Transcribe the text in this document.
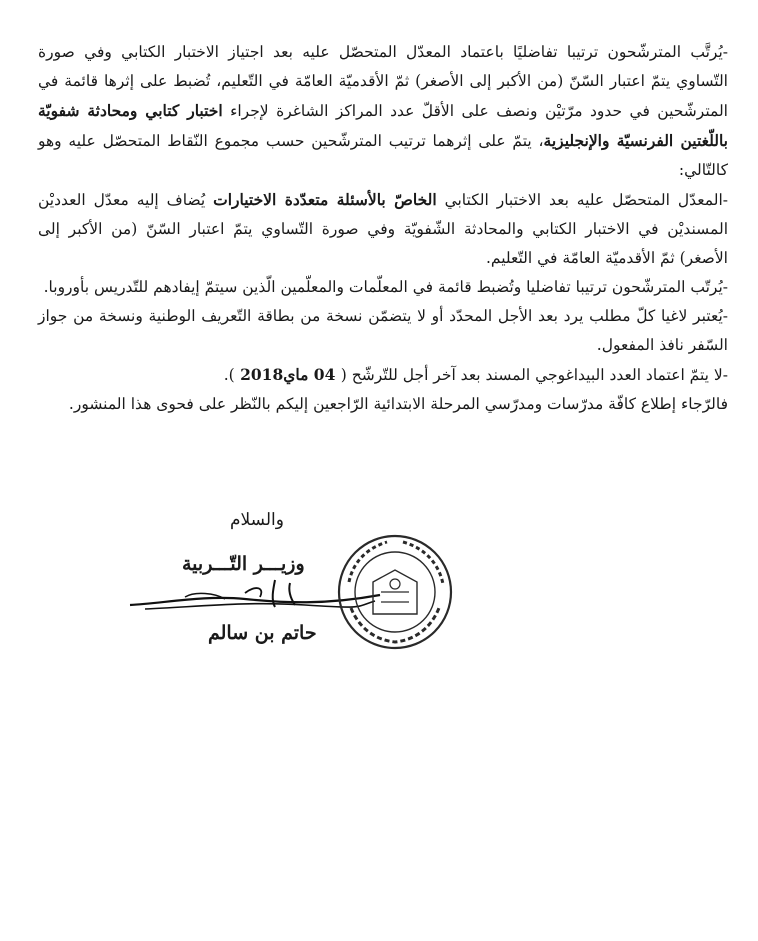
-يُرتَّب المترشّحون ترتيبا تفاضليًا باعتماد المعدّل المتحصّل عليه بعد اجتياز الاختبار الكتابي وفي صورة التّساوي يتمّ اعتبار السّنّ (من الأكبر إلى الأصغر) ثمّ الأقدميّة العامّة في التّعليم، تُضبط على إثرها قائمة في المترشّحين في حدود مرّتيْن ونصف على الأقلّ عدد المراكز الشاغرة لإجراء اختبار كتابي ومحادثة شفويّة باللّغتين الفرنسيّة والإنجليزية، يتمّ على إثرهما ترتيب المترشّحين حسب مجموع النّقاط المتحصّل عليه وهو كالتّالي:

-المعدّل المتحصّل عليه بعد الاختبار الكتابي الخاصّ بالأسئلة متعدّدة الاختيارات يُضاف إليه معدّل العدديْن المسنديْن في الاختبار الكتابي والمحادثة الشّفويّة وفي صورة التّساوي يتمّ اعتبار السّنّ (من الأكبر إلى الأصغر) ثمّ الأقدميّة العامّة في التّعليم.

-يُرتّب المترشّحون ترتيبا تفاضليا وتُضبط قائمة في المعلّمات والمعلّمين الّذين سيتمّ إيفادهم للتّدريس بأوروبا.

-يُعتبر لاغيا كلّ مطلب يرد بعد الأجل المحدّد أو لا يتضمّن نسخة من بطاقة التّعريف الوطنية ونسخة من جواز السّفر نافذ المفعول.

-لا يتمّ اعتماد العدد البيداغوجي المسند بعد آخر أجل للتّرشّح ( 04 ماي2018 ).

فالرّجاء إطلاع كافّة مدرّسات ومدرّسي المرحلة الابتدائية الرّاجعين إليكم بالنّظر على فحوى هذا المنشور.

والسلام
وزيـــر التّـــربية
حاتم بن سالم
